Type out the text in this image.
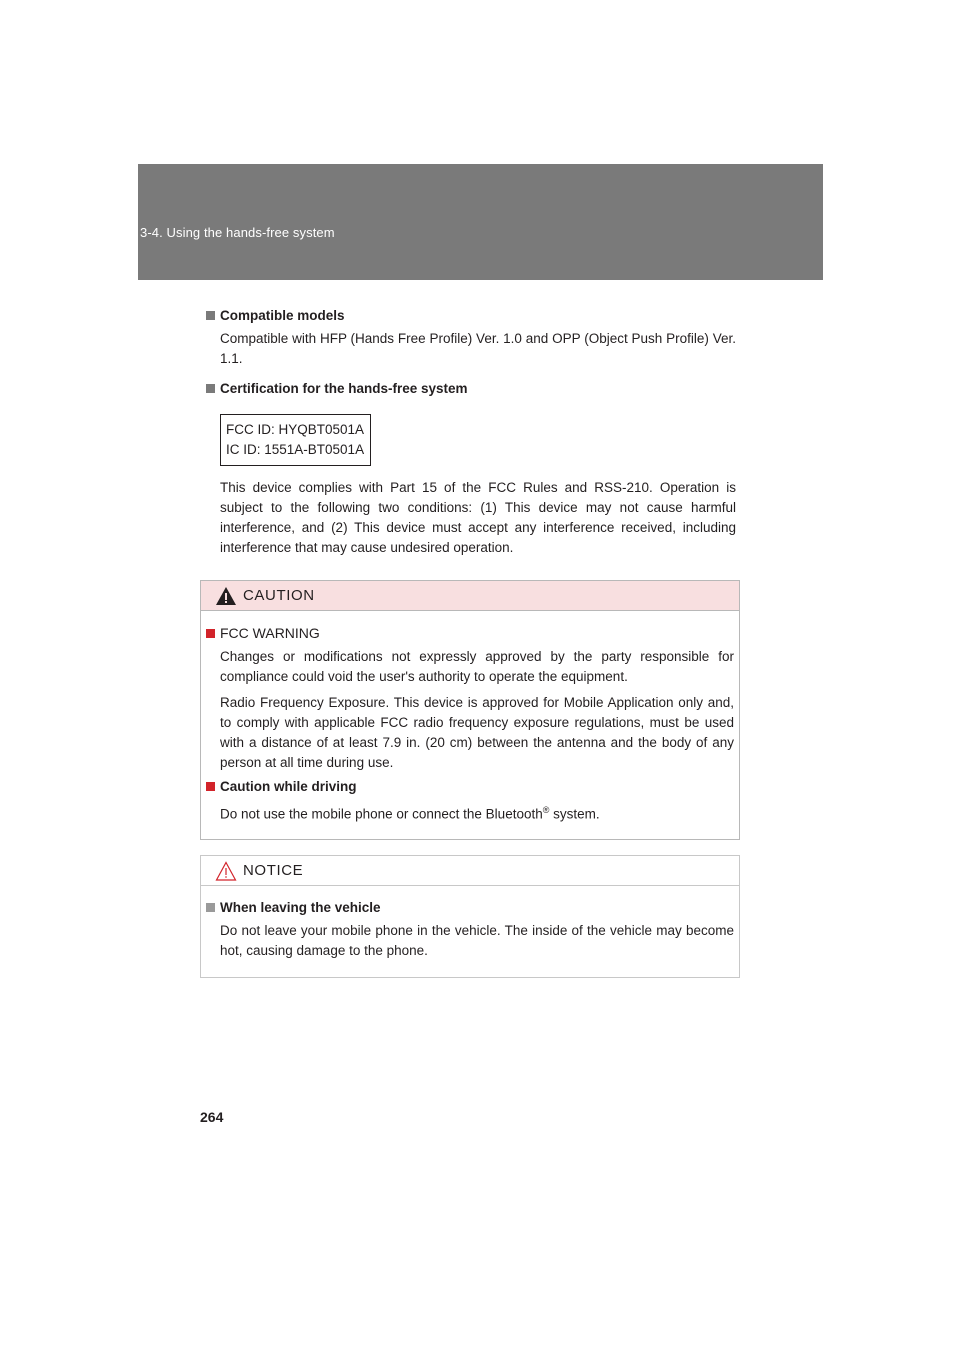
3-4. Using the hands-free system
Compatible models

Compatible with HFP (Hands Free Profile) Ver. 1.0 and OPP (Object Push Profile) Ver. 1.1.

Certification for the hands-free system
FCC ID: HYQBT0501A
IC ID: 1551A-BT0501A

This device complies with Part 15 of the FCC Rules and RSS-210. Operation is subject to the following two conditions: (1) This device may not cause harmful interference, and (2) This device must accept any interference received, including interference that may cause undesired operation.

CAUTION
FCC WARNING

Changes or modifications not expressly approved by the party responsible for compliance could void the user's authority to operate the equipment.

Radio Frequency Exposure. This device is approved for Mobile Application only and, to comply with applicable FCC radio frequency exposure regulations, must be used with a distance of at least 7.9 in. (20 cm) between the antenna and the body of any person at all time during use.

Caution while driving

Do not use the mobile phone or connect the Bluetooth® system.

NOTICE
When leaving the vehicle

Do not leave your mobile phone in the vehicle. The inside of the vehicle may become hot, causing damage to the phone.

264
